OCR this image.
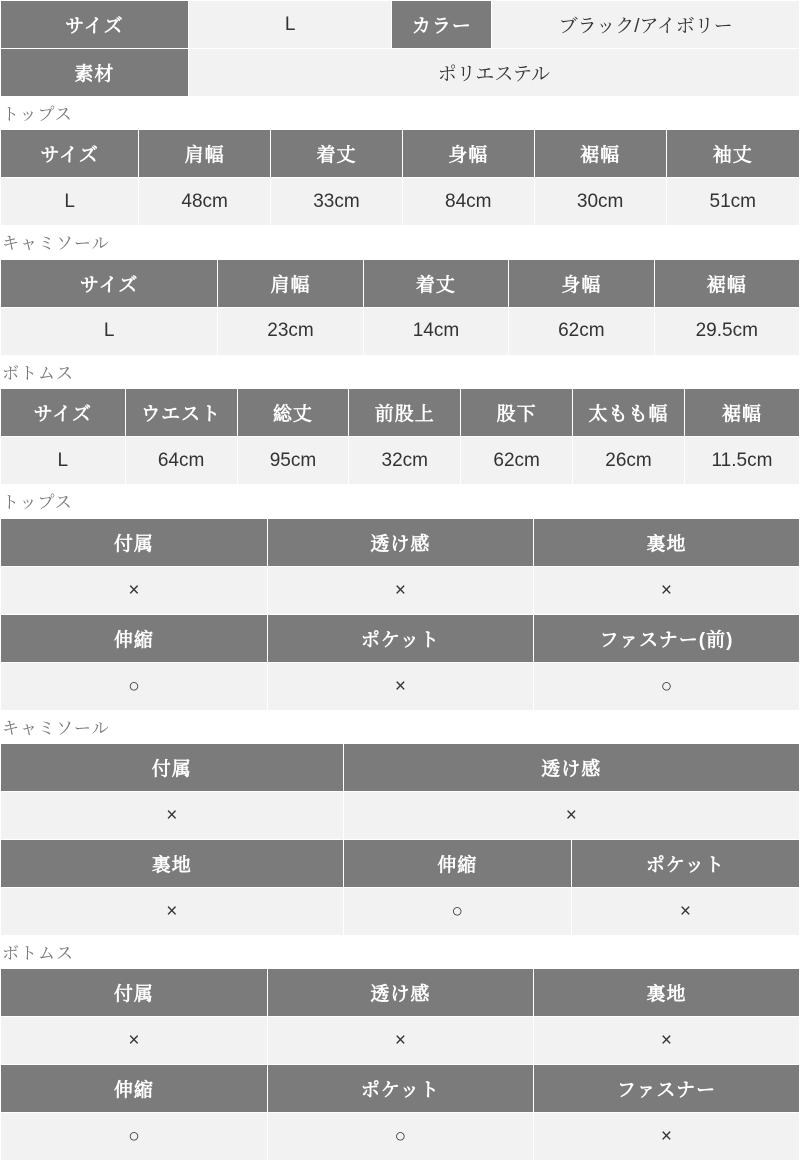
サイズ	L	カラー	ブラック/アイボリー
素材	ポリエステル		
トップス
サイズ	肩幅	着丈	身幅	裾幅	袖丈
L	48cm	33cm	84cm	30cm	51cm
キャミソール
サイズ	肩幅	着丈	身幅	裾幅
L	23cm	14cm	62cm	29.5cm
ボトムス
サイズ	ウエスト	総丈	前股上	股下	太もも幅	裾幅
L	64cm	95cm	32cm	62cm	26cm	11.5cm
トップス
付属	透け感	裏地
×	×	×
伸縮	ポケット	ファスナー(前)
○	×	○
キャミソール
付属	透け感	
×	×	
裏地	伸縮	ポケット
×	○	×
ボトムス
付属	透け感	裏地
×	×	×
伸縮	ポケット	ファスナー
○	○	×
